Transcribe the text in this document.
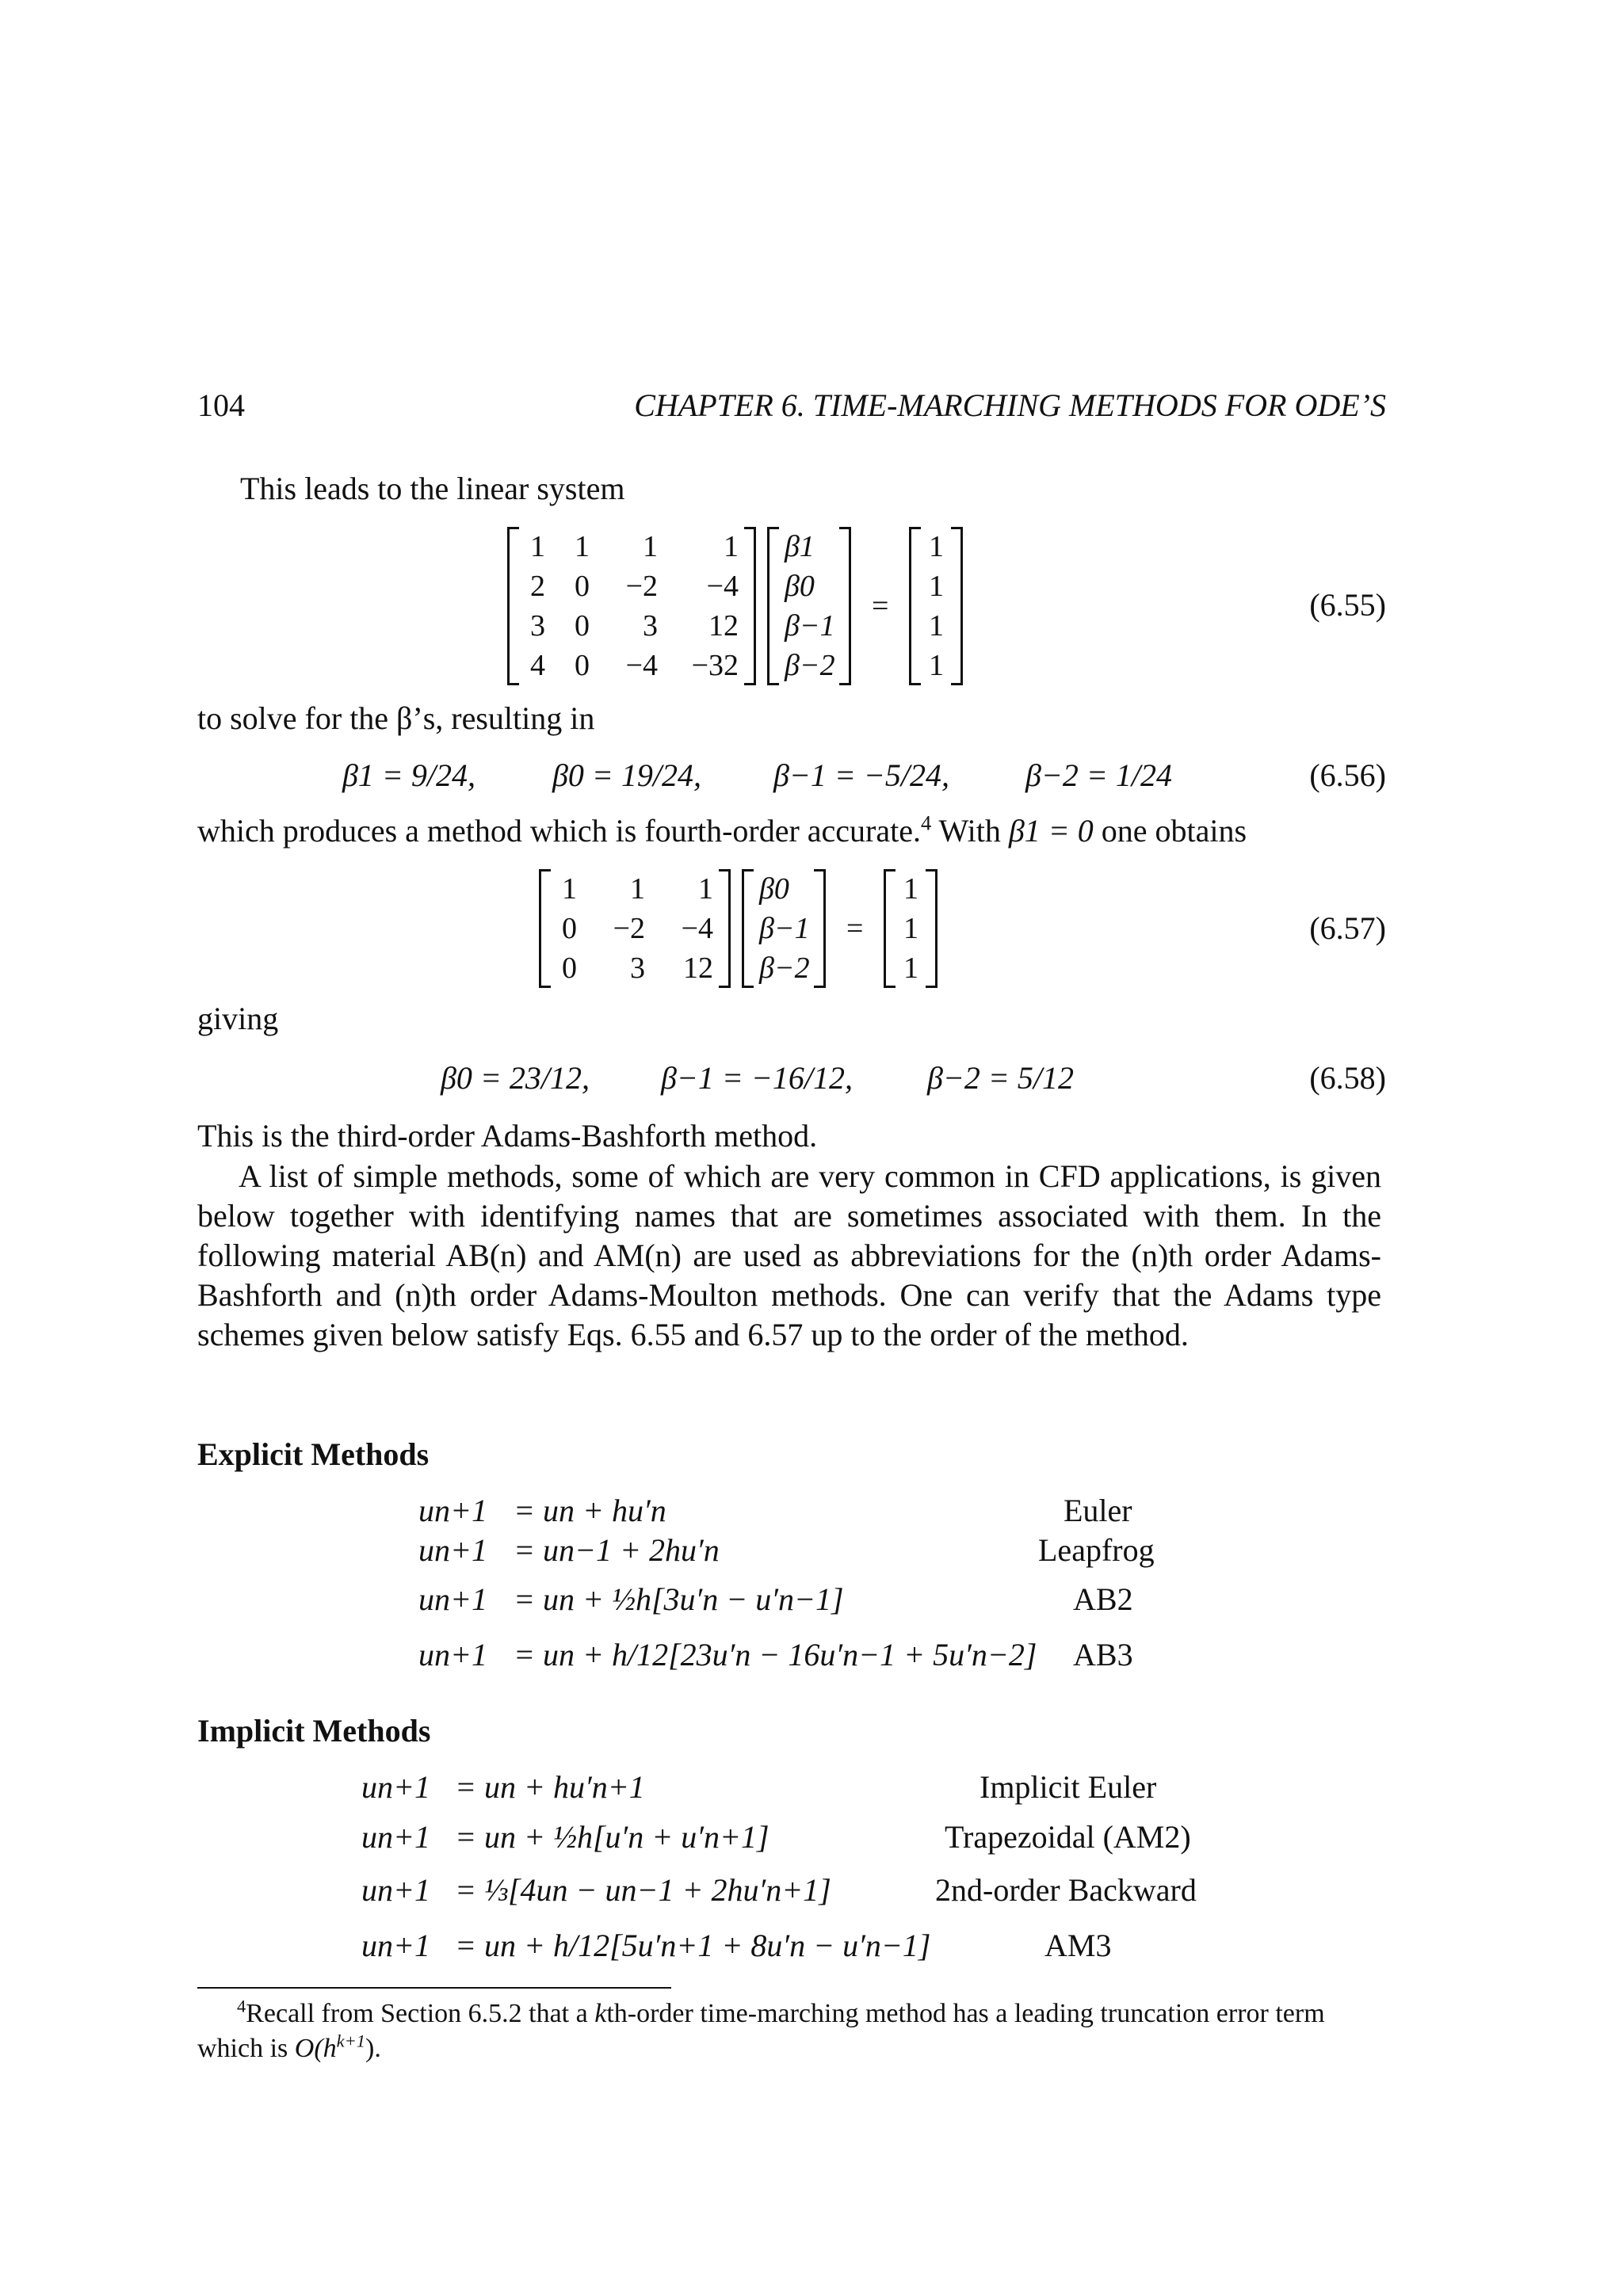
104	CHAPTER 6. TIME-MARCHING METHODS FOR ODE’S
This leads to the linear system
1 1	1	1
2 0	−2	−4
3 0	3	12
4 0	−4	−32
β1
β0
β−1
β−2
=
1
1
1
1
(6.55)
to solve for the β’s, resulting in
β1 = 9/24, β0 = 19/24, β−1 = −5/24, β−2 = 1/24	(6.56)
which produces a method which is fourth-order accurate.$^4$ With β1 = 0 one obtains
1	1	1
0	−2	−4
0	3	12
β0
β−1
β−2
=
1
1
1
(6.57)
giving
β0 = 23/12, β−1 = −16/12, β−2 = 5/12	(6.58)
This is the third-order Adams-Bashforth method.
A list of simple methods, some of which are very common in CFD applications, is given below together with identifying names that are sometimes associated with them. In the following material AB(n) and AM(n) are used as abbreviations for the (n)th order Adams-Bashforth and (n)th order Adams-Moulton methods. One can verify that the Adams type schemes given below satisfy Eqs. 6.55 and 6.57 up to the order of the method.
Explicit Methods
un+1 = un + hu′n	Euler
un+1 = un−1 + 2hu′n	Leapfrog
un+1 = un + ½h[3u′n − u′n−1]	AB2
un+1 = un + h/12[23u′n − 16u′n−1 + 5u′n−2] AB3
Implicit Methods
un+1 = un + hu′n+1	Implicit Euler
un+1 = un + ½h[u′n + u′n+1]	Trapezoidal (AM2)
un+1 = ⅓[4un − un−1 + 2hu′n+1]	2nd-order Backward
un+1 = un + h/12[5u′n+1 + 8u′n − u′n−1]	AM3
$^4$Recall from Section 6.5.2 that a kth-order time-marching method has a leading truncation error term which is $O(h^{k+1})$.
